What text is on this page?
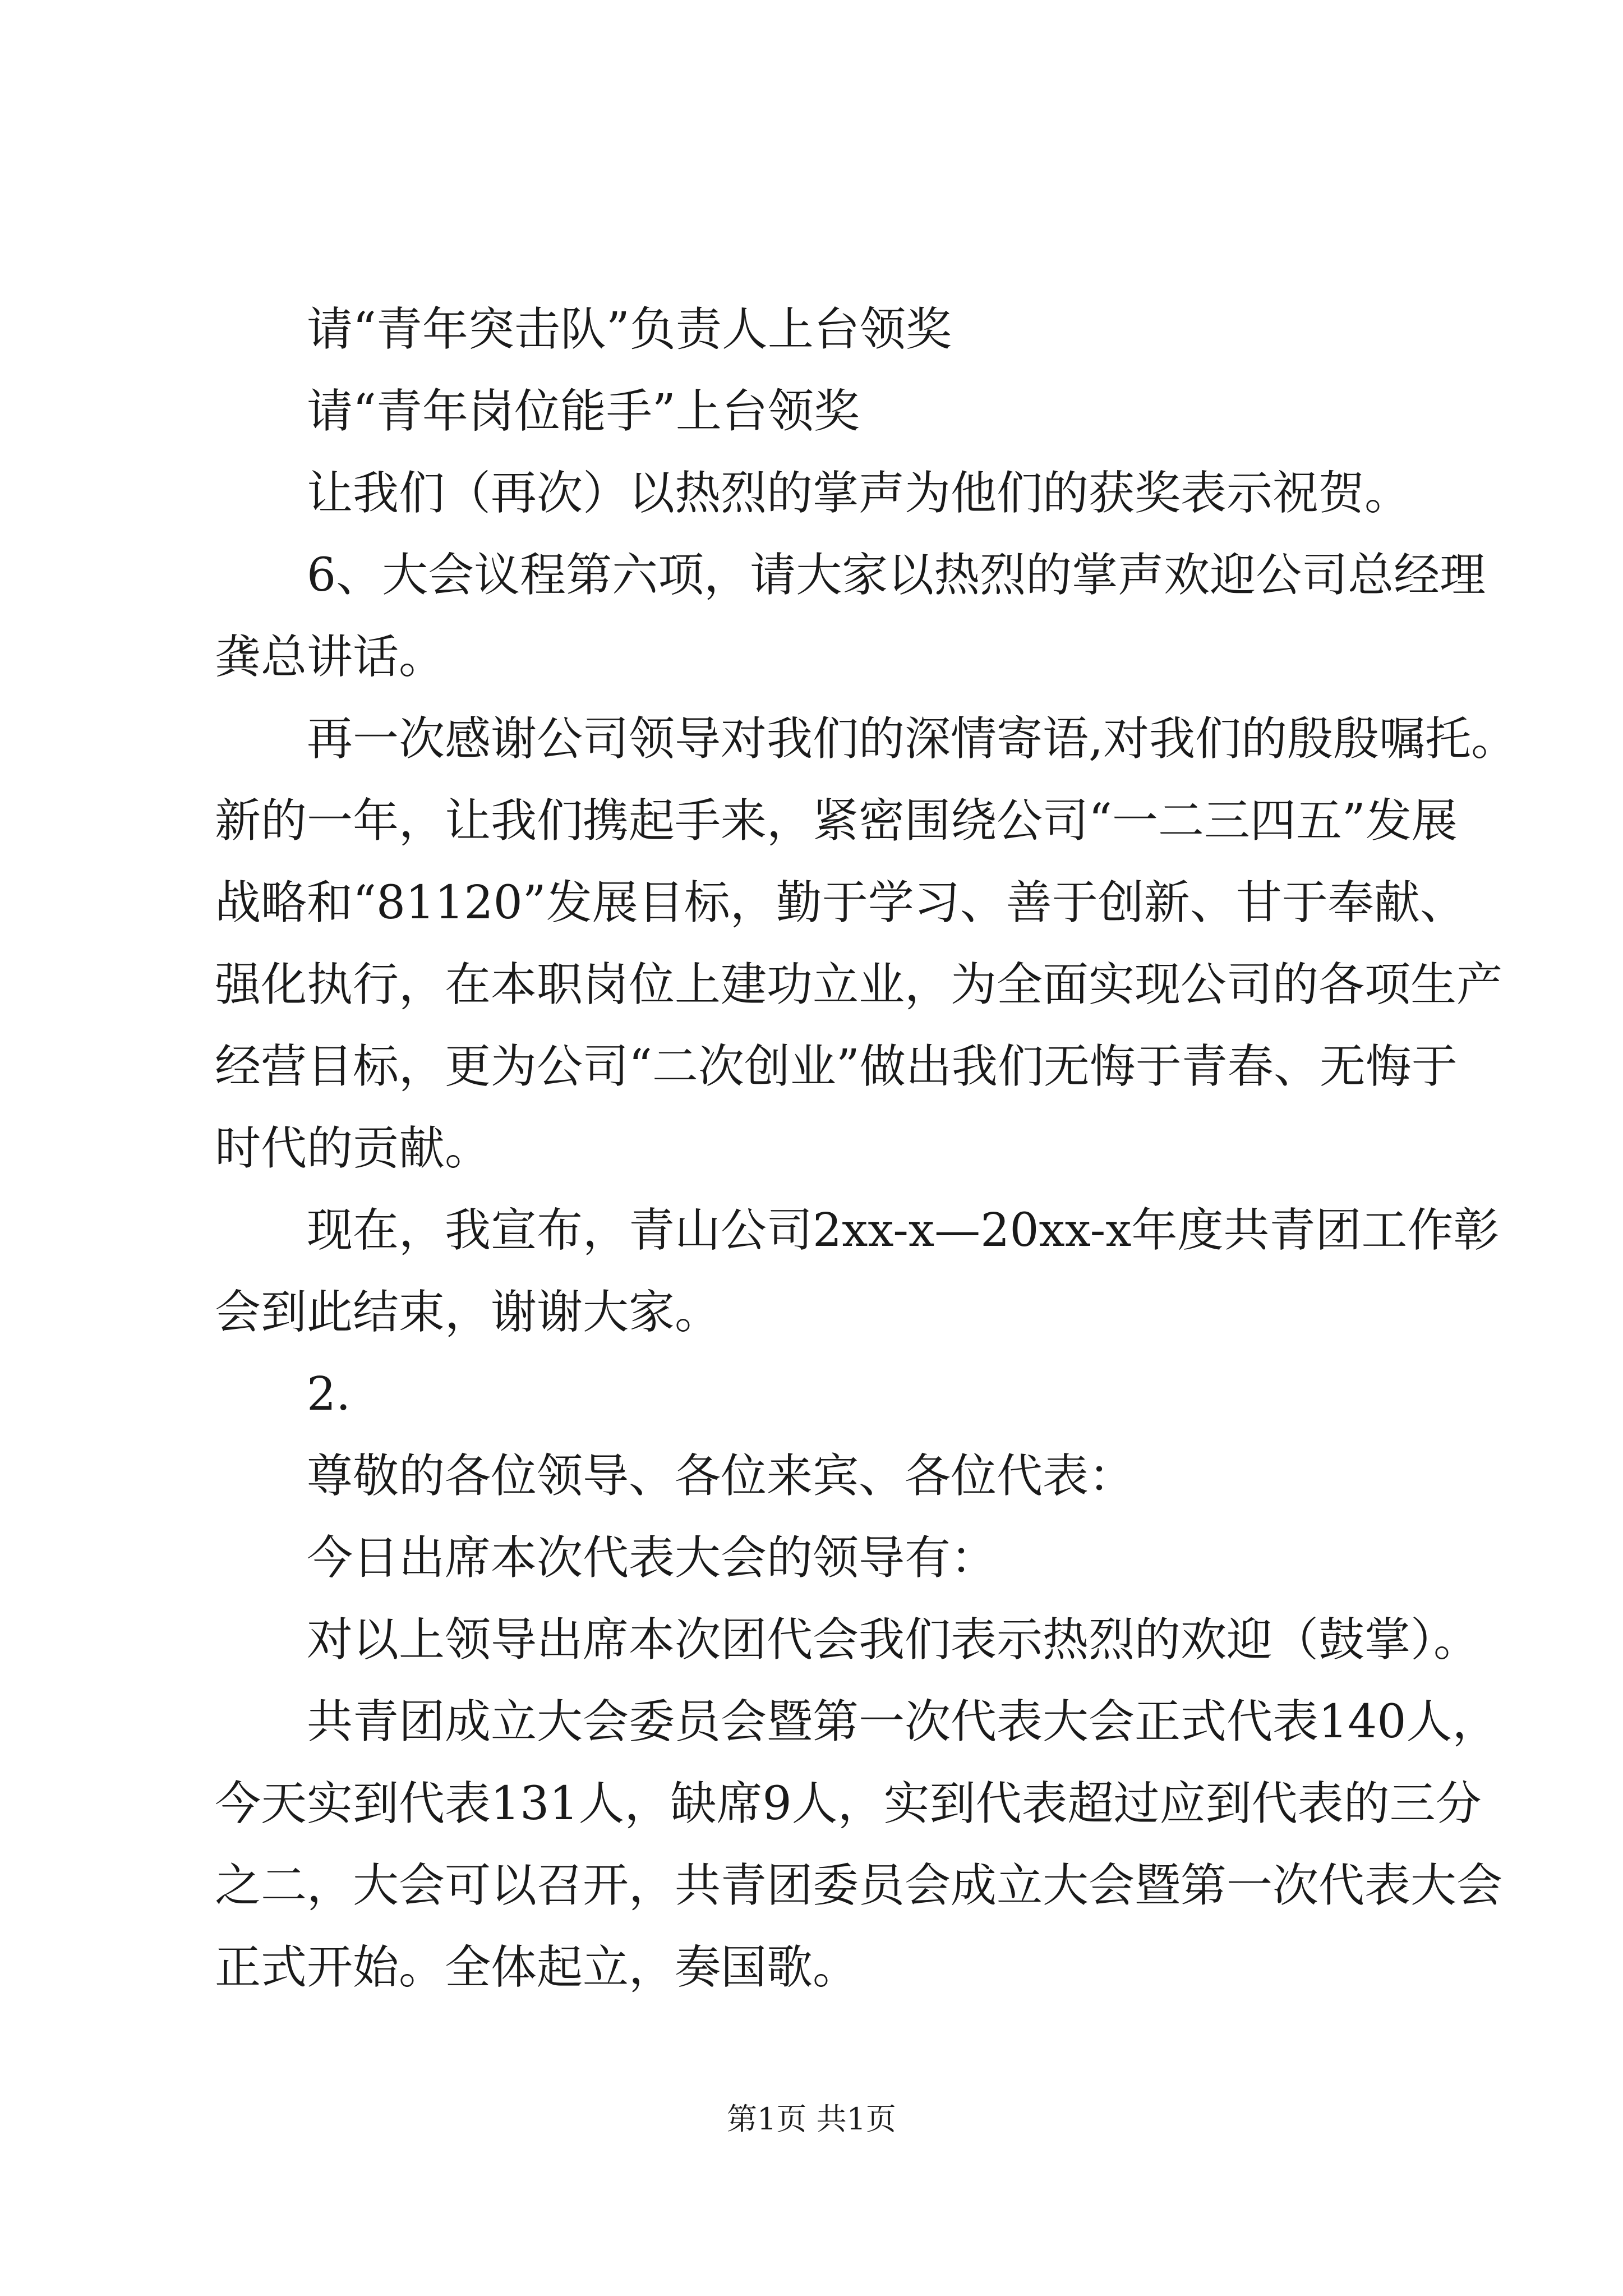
请“青年突击队”负责人上台领奖
请“青年岗位能手”上台领奖
让我们（再次）以热烈的掌声为他们的获奖表示祝贺。
6、大会议程第六项，请大家以热烈的掌声欢迎公司总经理
龚总讲话。
再一次感谢公司领导对我们的深情寄语,对我们的殷殷嘱托。
新的一年，让我们携起手来，紧密围绕公司“一二三四五”发展
战略和“81120”发展目标，勤于学习、善于创新、甘于奉献、
强化执行，在本职岗位上建功立业，为全面实现公司的各项生产
经营目标，更为公司“二次创业”做出我们无悔于青春、无悔于
时代的贡献。
现在，我宣布，青山公司2xx-x—20xx-x年度共青团工作彰
会到此结束，谢谢大家。
2.
尊敬的各位领导、各位来宾、各位代表：
今日出席本次代表大会的领导有：
对以上领导出席本次团代会我们表示热烈的欢迎（鼓掌）。
共青团成立大会委员会暨第一次代表大会正式代表140人，
今天实到代表131人，缺席9人，实到代表超过应到代表的三分
之二，大会可以召开，共青团委员会成立大会暨第一次代表大会
正式开始。全体起立，奏国歌。
第1页 共1页
